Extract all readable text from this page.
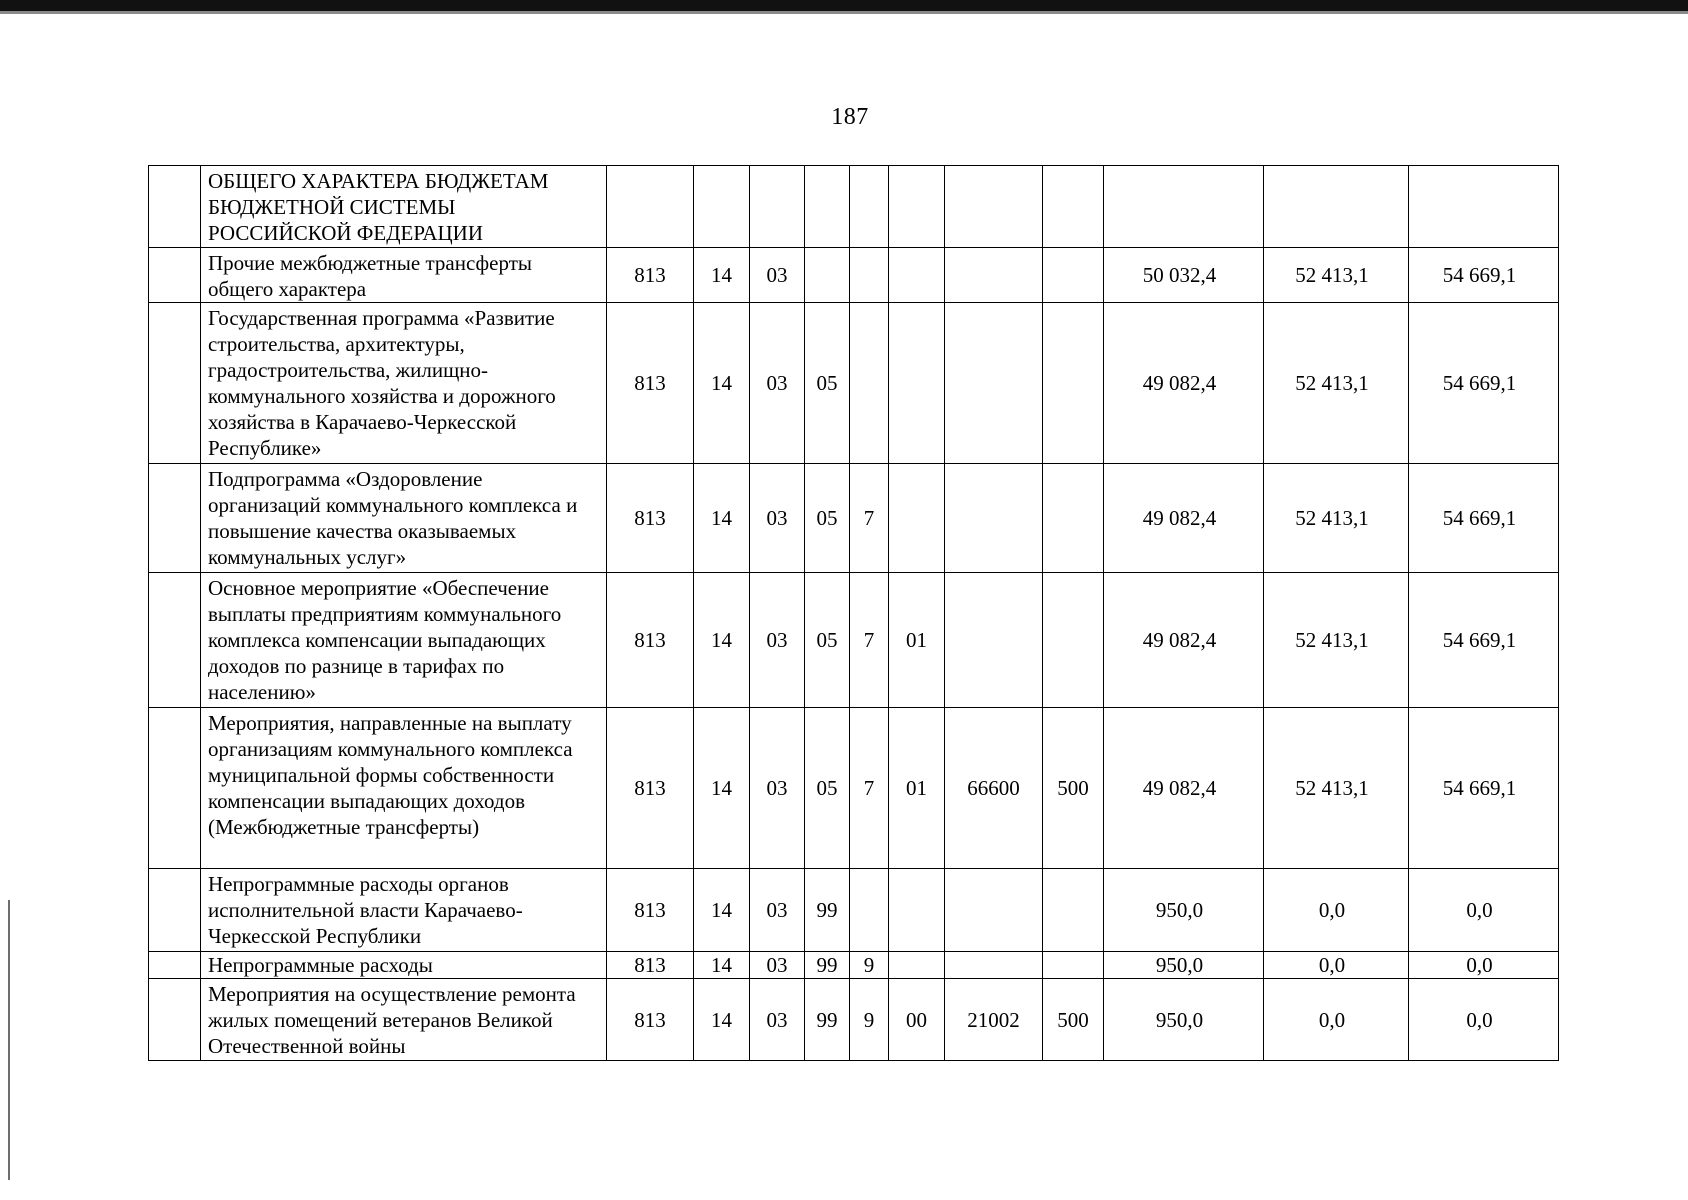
187
	ОБЩЕГО ХАРАКТЕРА БЮДЖЕТАМ БЮДЖЕТНОЙ СИСТЕМЫ РОССИЙСКОЙ ФЕДЕРАЦИИ											
	Прочие межбюджетные трансферты общего характера	813	14	03						50 032,4	52 413,1	54 669,1
	Государственная программа «Развитие строительства, архитектуры, градостроительства, жилищно-коммунального хозяйства и дорожного хозяйства в Карачаево-Черкесской Республике»	813	14	03	05					49 082,4	52 413,1	54 669,1
	Подпрограмма «Оздоровление организаций коммунального комплекса и повышение качества оказываемых коммунальных услуг»	813	14	03	05	7				49 082,4	52 413,1	54 669,1
	Основное мероприятие «Обеспечение выплаты предприятиям коммунального комплекса компенсации выпадающих доходов по разнице в тарифах по населению»	813	14	03	05	7	01			49 082,4	52 413,1	54 669,1
	Мероприятия, направленные на выплату организациям коммунального комплекса муниципальной формы собственности компенсации выпадающих доходов (Межбюджетные трансферты)	813	14	03	05	7	01	66600	500	49 082,4	52 413,1	54 669,1
	Непрограммные расходы органов исполнительной власти Карачаево-Черкесской Республики	813	14	03	99					950,0	0,0	0,0
	Непрограммные расходы	813	14	03	99	9				950,0	0,0	0,0
	Мероприятия на осуществление ремонта жилых помещений ветеранов Великой Отечественной войны	813	14	03	99	9	00	21002	500	950,0	0,0	0,0
